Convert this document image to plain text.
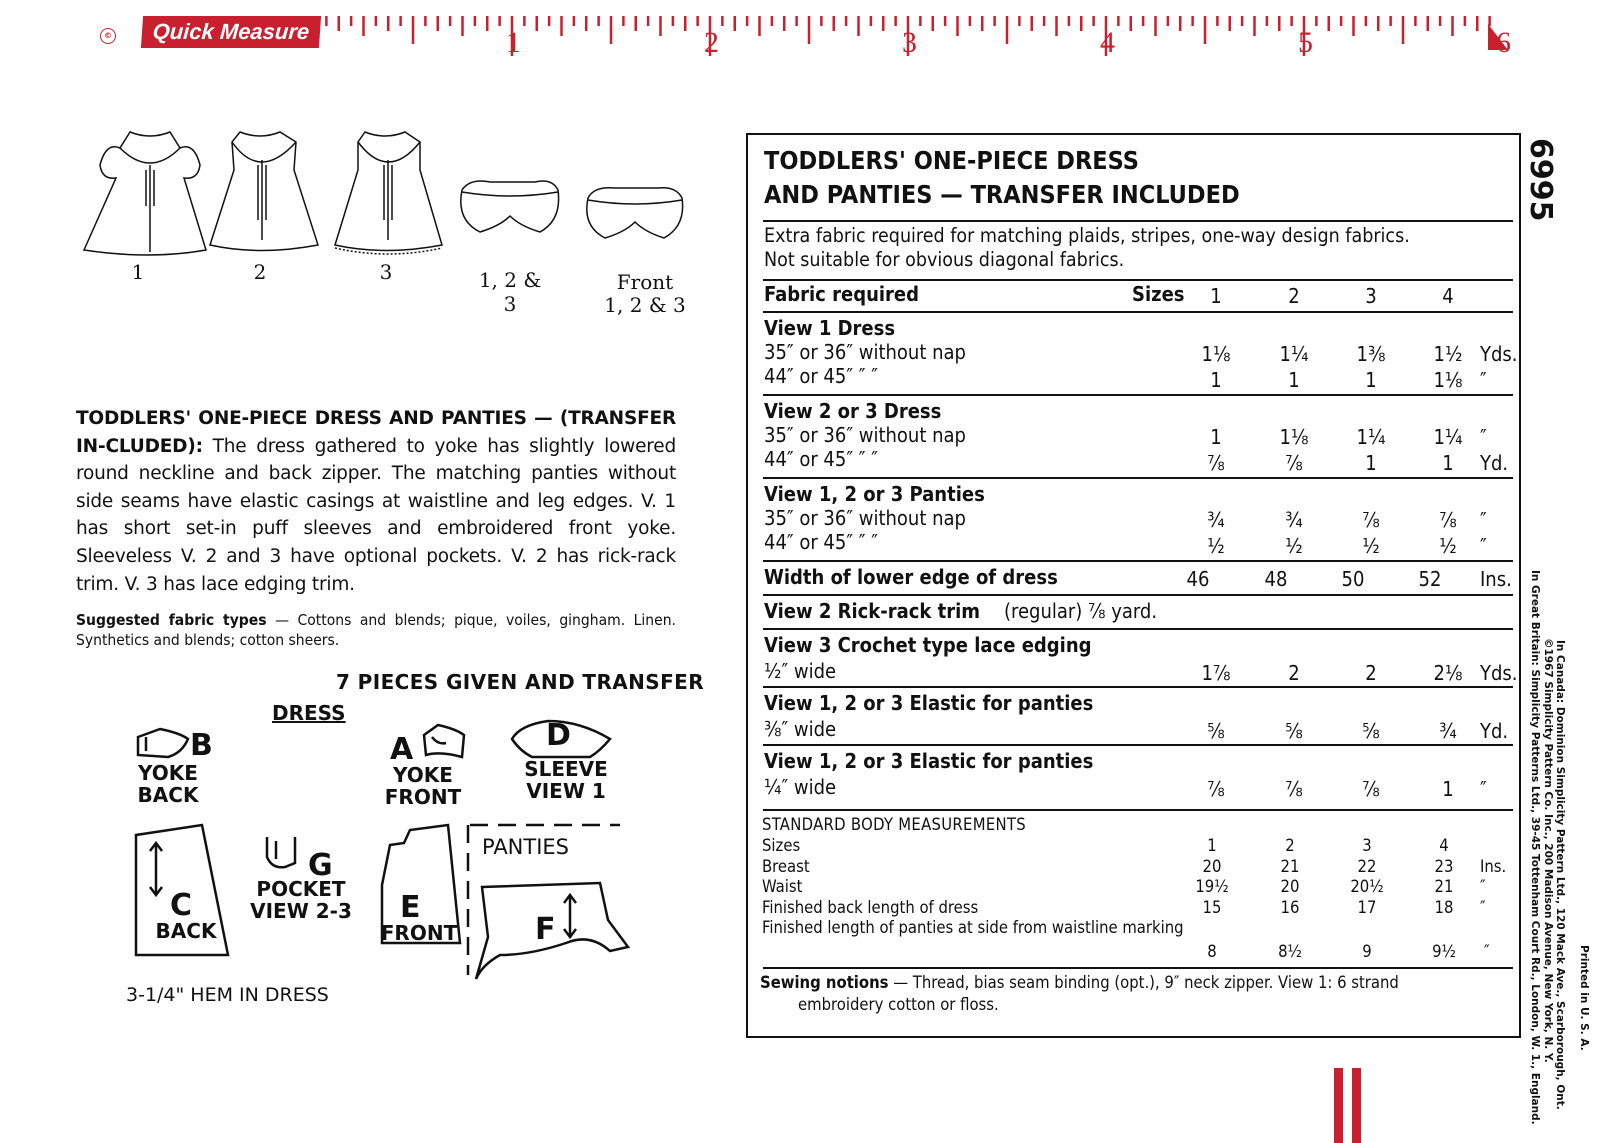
©	Quick Measure	1	2	3	4	5	6
1	2	3	1, 2 & 3
Front
1, 2 & 3
TODDLERS' ONE-PIECE DRESS AND PANTIES — (TRANSFER IN-CLUDED): The dress gathered to yoke has slightly lowered round neckline and back zipper. The matching panties without side seams have elastic casings at waistline and leg edges. V. 1 has short set-in puff sleeves and embroidered front yoke. Sleeveless V. 2 and 3 have optional pockets. V. 2 has rick-rack trim. V. 3 has lace edging trim.
Suggested fabric types — Cottons and blends; pique, voiles, gingham. Linen. Synthetics and blends; cotton sheers.
7 PIECES GIVEN AND TRANSFER
DRESS
B
YOKE
BACK
A
YOKE
FRONT
D
SLEEVE
VIEW 1
C
BACK
G
POCKET
VIEW 2-3 E
FRONT
PANTIES
F
3-1/4" HEM IN DRESS
6995
TODDLERS' ONE-PIECE DRESS
AND PANTIES — TRANSFER INCLUDED
Extra fabric required for matching plaids, stripes, one-way design fabrics.
Not suitable for obvious diagonal fabrics.
Fabric required	Sizes	1	2	3	4
View 1 Dress
35″ or 36″ without nap	1⅛	1¼	1⅜	1½ Yds.
44″ or 45″ ″ ″	1	1	1	1⅛ ″
View 2 or 3 Dress
35″ or 36″ without nap	1	1⅛	1¼	1¼ ″
44″ or 45″ ″ ″	⅞	⅞	1	1	Yd.
View 1, 2 or 3 Panties
35″ or 36″ without nap	¾	¾	⅞	⅞	″
44″ or 45″ ″ ″	½	½	½	½	″
Width of lower edge of dress	46	48	50	52	Ins.
View 2 Rick-rack trim (regular) ⅞ yard.
View 3 Crochet type lace edging
½″ wide	1⅞	2	2	2⅛ Yds.
View 1, 2 or 3 Elastic for panties
⅜″ wide	⅝	⅝	⅝	¾	Yd.
View 1, 2 or 3 Elastic for panties
¼″ wide	⅞	⅞	⅞	1	″
STANDARD BODY MEASUREMENTS
Sizes	1	2	3	4
Breast	20	21	22	23	Ins.
Waist	19½	20	20½	21	″
Finished back length of dress	15	16	17	18	″
Finished length of panties at side from waistline marking
8	8½	9	9½	″
Sewing notions — Thread, bias seam binding (opt.), 9″ neck zipper. View 1: 6 strand
embroidery cotton or floss.	In Great Britain: Simplicity Patterns Ltd., 39-45 Tottenham Court Rd., London, W. 1., England. ©1967 Simplicity Pattern Co. Inc., 200 Madison Avenue, New York, N. Y. In Canada: Dominion Simplicity Pattern Ltd., 120 Mack Ave., Scarborough, Ont. Printed in U. S. A.
